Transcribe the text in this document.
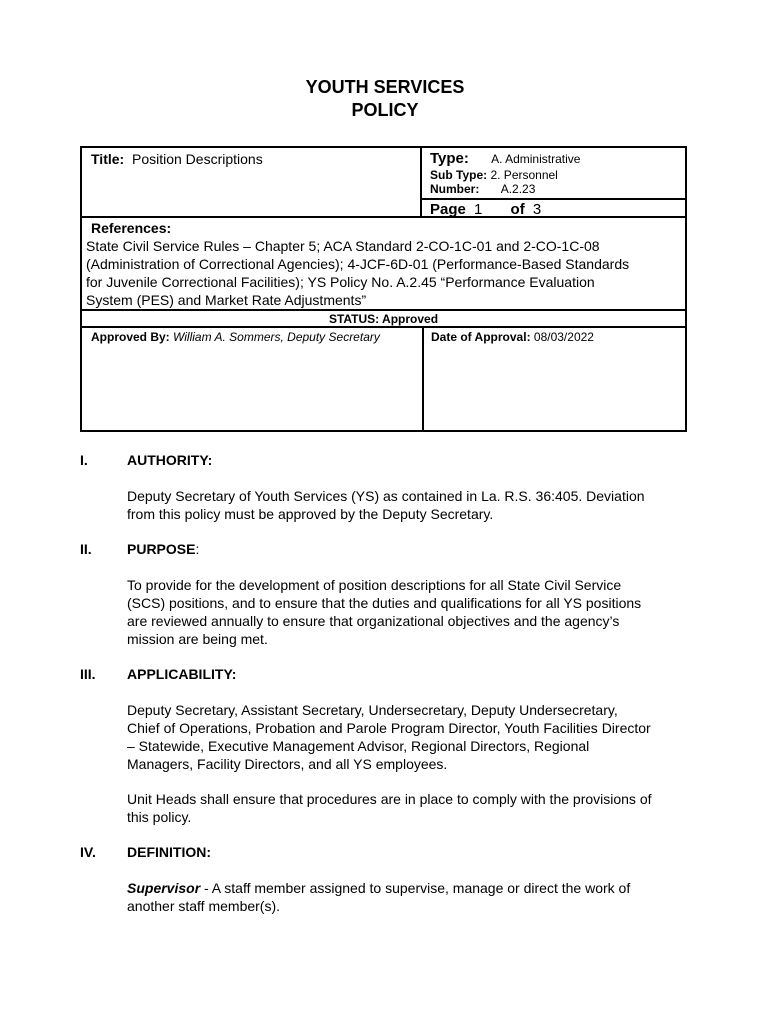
YOUTH SERVICES
POLICY
Title: Position Descriptions	Type: A. Administrative
Sub Type: 2. Personnel
Number: A.2.23
Page 1 of 3
References:
State Civil Service Rules – Chapter 5; ACA Standard 2-CO-1C-01 and 2-CO-1C-08
(Administration of Correctional Agencies); 4-JCF-6D-01 (Performance-Based Standards
for Juvenile Correctional Facilities); YS Policy No. A.2.45 “Performance Evaluation
System (PES) and Market Rate Adjustments”
STATUS: Approved
Approved By: William A. Sommers, Deputy Secretary	Date of Approval: 08/03/2022
I.	AUTHORITY:
Deputy Secretary of Youth Services (YS) as contained in La. R.S. 36:405. Deviation
from this policy must be approved by the Deputy Secretary.
II.	PURPOSE:
To provide for the development of position descriptions for all State Civil Service
(SCS) positions, and to ensure that the duties and qualifications for all YS positions
are reviewed annually to ensure that organizational objectives and the agency’s
mission are being met.
III. APPLICABILITY:
Deputy Secretary, Assistant Secretary, Undersecretary, Deputy Undersecretary,
Chief of Operations, Probation and Parole Program Director, Youth Facilities Director
– Statewide, Executive Management Advisor, Regional Directors, Regional
Managers, Facility Directors, and all YS employees.
Unit Heads shall ensure that procedures are in place to comply with the provisions of
this policy.
IV. DEFINITION:
Supervisor - A staff member assigned to supervise, manage or direct the work of
another staff member(s).
